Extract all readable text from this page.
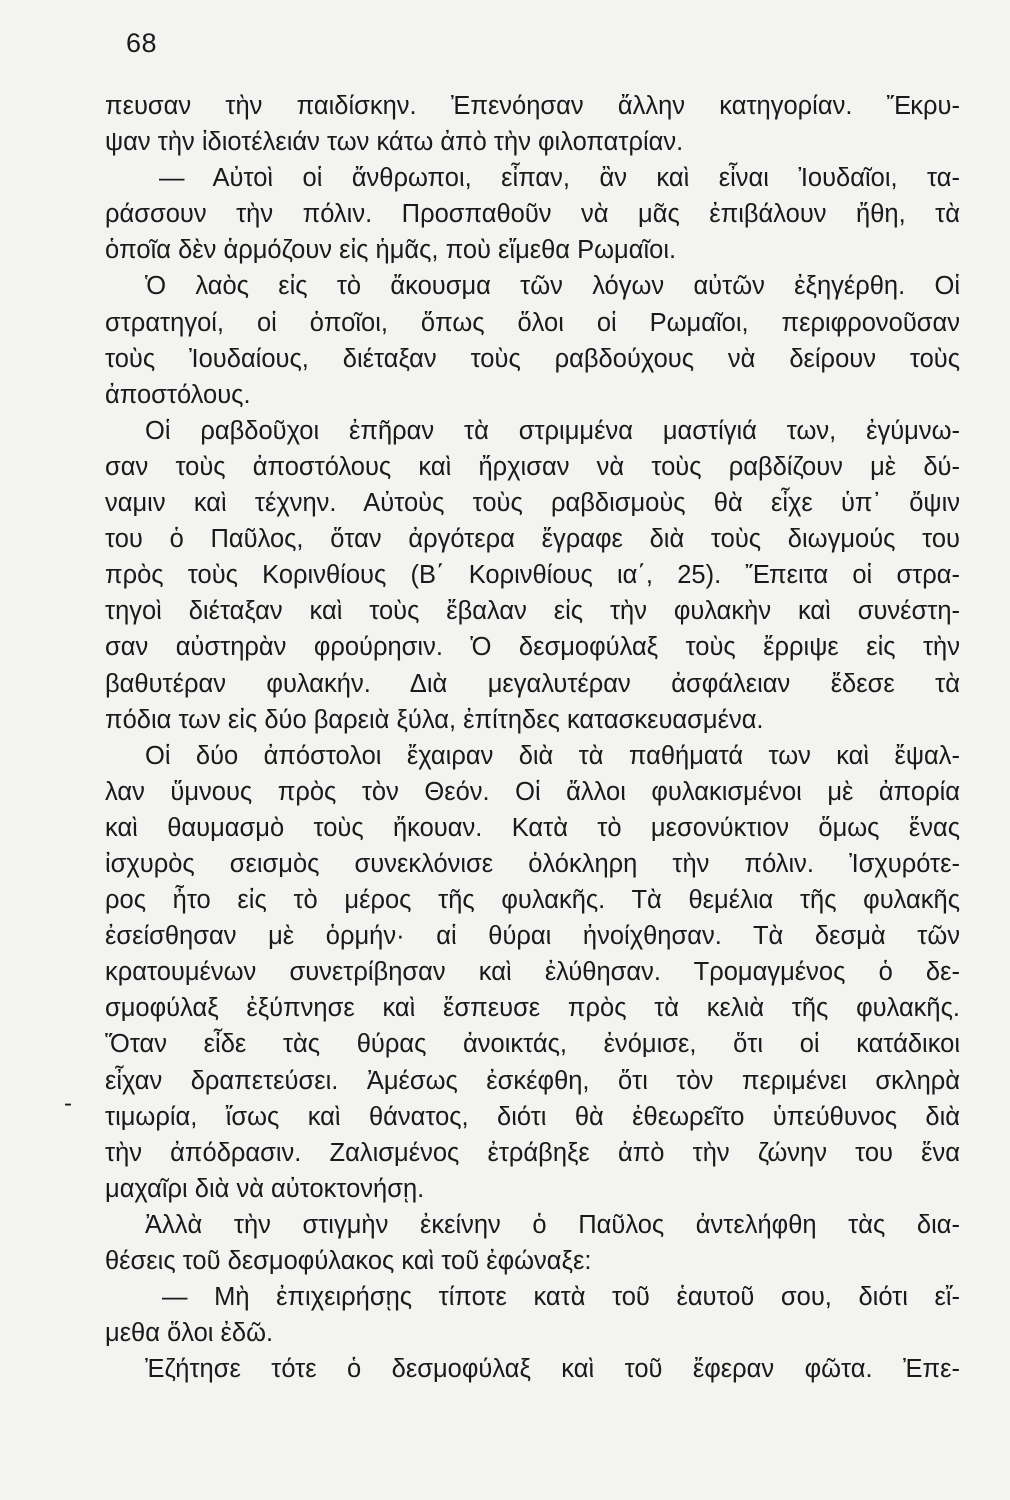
68
-
πευσαν τὴν παιδίσκην. Ἐπενόησαν ἄλλην κατηγορίαν. Ἔκρυ-
ψαν τὴν ἰδιοτέλειάν των κάτω ἀπὸ τὴν φιλοπατρίαν.
— Αὐτοὶ οἱ ἄνθρωποι, εἶπαν, ἂν καὶ εἶναι Ἰουδαῖοι, τα-
ράσσουν τὴν πόλιν. Προσπαθοῦν νὰ μᾶς ἐπιβάλουν ἤθη, τὰ
ὁποῖα δὲν ἁρμόζουν εἰς ἡμᾶς, ποὺ εἴμεθα Ρωμαῖοι.
Ὁ λαὸς εἰς τὸ ἄκουσμα τῶν λόγων αὐτῶν ἐξηγέρθη. Οἱ
στρατηγοί, οἱ ὁποῖοι, ὅπως ὅλοι οἱ Ρωμαῖοι, περιφρονοῦσαν
τοὺς Ἰουδαίους, διέταξαν τοὺς ραβδούχους νὰ δείρουν τοὺς
ἀποστόλους.
Οἱ ραβδοῦχοι ἐπῆραν τὰ στριμμένα μαστίγιά των, ἐγύμνω-
σαν τοὺς ἀποστόλους καὶ ἤρχισαν νὰ τοὺς ραβδίζουν μὲ δύ-
ναμιν καὶ τέχνην. Αὐτοὺς τοὺς ραβδισμοὺς θὰ εἶχε ὑπ᾽ ὄψιν
του ὁ Παῦλος, ὅταν ἀργότερα ἔγραφε διὰ τοὺς διωγμούς του
πρὸς τοὺς Κορινθίους (Β΄ Κορινθίους ια΄, 25). Ἔπειτα οἱ στρα-
τηγοὶ διέταξαν καὶ τοὺς ἔβαλαν εἰς τὴν φυλακὴν καὶ συνέστη-
σαν αὐστηρὰν φρούρησιν. Ὁ δεσμοφύλαξ τοὺς ἔρριψε εἰς τὴν
βαθυτέραν φυλακήν. Διὰ μεγαλυτέραν ἀσφάλειαν ἔδεσε τὰ
πόδια των εἰς δύο βαρειὰ ξύλα, ἐπίτηδες κατασκευασμένα.
Οἱ δύο ἀπόστολοι ἔχαιραν διὰ τὰ παθήματά των καὶ ἔψαλ-
λαν ὕμνους πρὸς τὸν Θεόν. Οἱ ἄλλοι φυλακισμένοι μὲ ἀπορία
καὶ θαυμασμὸ τοὺς ἤκουαν. Κατὰ τὸ μεσονύκτιον ὅμως ἕνας
ἰσχυρὸς σεισμὸς συνεκλόνισε ὁλόκληρη τὴν πόλιν. Ἰσχυρότε-
ρος ἦτο εἰς τὸ μέρος τῆς φυλακῆς. Τὰ θεμέλια τῆς φυλακῆς
ἐσείσθησαν μὲ ὁρμήν· αἱ θύραι ἠνοίχθησαν. Τὰ δεσμὰ τῶν
κρατουμένων συνετρίβησαν καὶ ἐλύθησαν. Τρομαγμένος ὁ δε-
σμοφύλαξ ἐξύπνησε καὶ ἔσπευσε πρὸς τὰ κελιὰ τῆς φυλακῆς.
Ὅταν εἶδε τὰς θύρας ἀνοικτάς, ἐνόμισε, ὅτι οἱ κατάδικοι
εἶχαν δραπετεύσει. Ἀμέσως ἐσκέφθη, ὅτι τὸν περιμένει σκληρὰ
τιμωρία, ἴσως καὶ θάνατος, διότι θὰ ἐθεωρεῖτο ὑπεύθυνος διὰ
τὴν ἀπόδρασιν. Ζαλισμένος ἐτράβηξε ἀπὸ τὴν ζώνην του ἕνα
μαχαῖρι διὰ νὰ αὐτοκτονήσῃ.
Ἀλλὰ τὴν στιγμὴν ἐκείνην ὁ Παῦλος ἀντελήφθη τὰς δια-
θέσεις τοῦ δεσμοφύλακος καὶ τοῦ ἐφώναξε:
— Μὴ ἐπιχειρήσῃς τίποτε κατὰ τοῦ ἑαυτοῦ σου, διότι εἴ-
μεθα ὅλοι ἐδῶ.
Ἐζήτησε τότε ὁ δεσμοφύλαξ καὶ τοῦ ἔφεραν φῶτα. Ἐπε-
